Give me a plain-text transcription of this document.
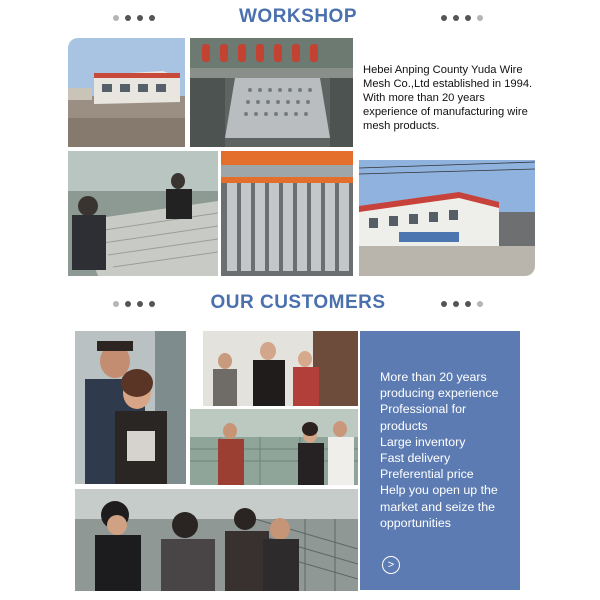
WORKSHOP
Hebei Anping County Yuda Wire Mesh Co.,Ltd established in 1994. With more than 20 years experience of manufacturing wire mesh products.
OUR CUSTOMERS
More than 20 years producing experience
Professional for products
Large inventory
Fast delivery
Preferential price
Help you open up the market and seize the opportunities
>
